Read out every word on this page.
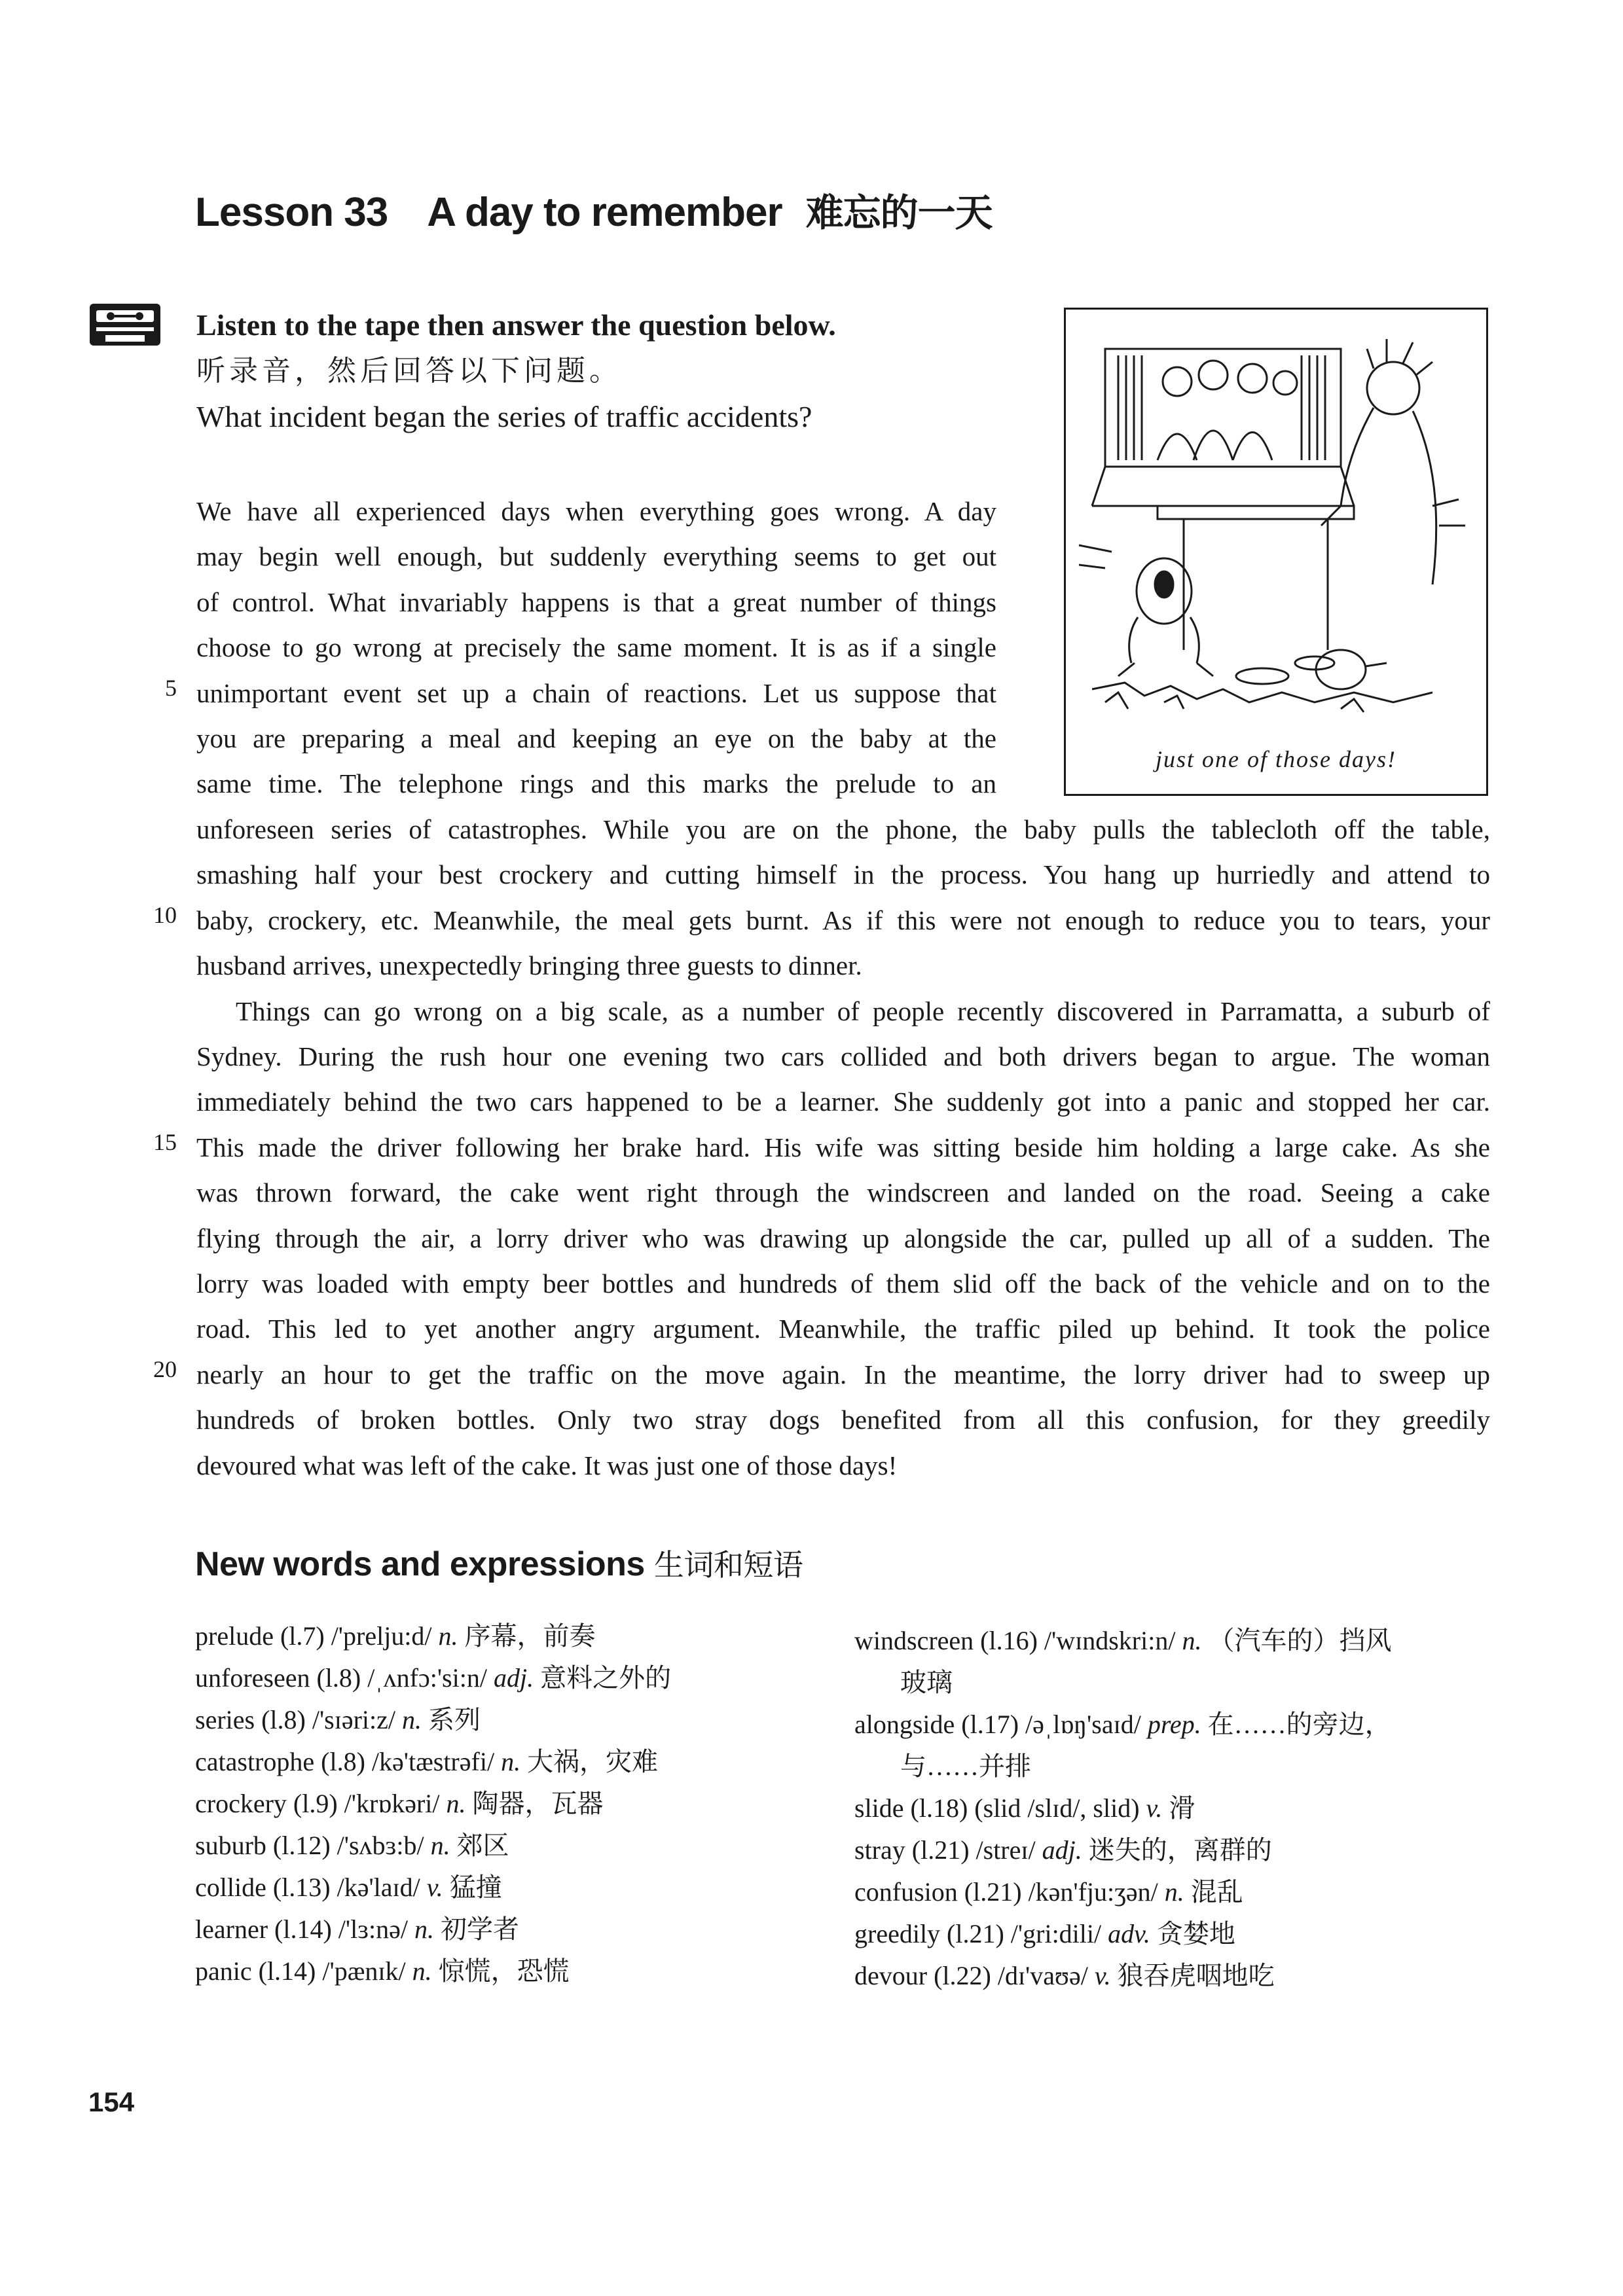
Lesson 33 A day to remember 难忘的一天
Listen to the tape then answer the question below.
听录音，然后回答以下问题。
What incident began the series of traffic accidents?
just one of those days!
We have all experienced days when everything goes wrong. A day
may begin well enough, but suddenly everything seems to get out
of control. What invariably happens is that a great number of things
choose to go wrong at precisely the same moment. It is as if a single
unimportant event set up a chain of reactions. Let us suppose that
you are preparing a meal and keeping an eye on the baby at the
same time. The telephone rings and this marks the prelude to an
unforeseen series of catastrophes. While you are on the phone, the baby pulls the tablecloth off the table,
smashing half your best crockery and cutting himself in the process. You hang up hurriedly and attend to
baby, crockery, etc. Meanwhile, the meal gets burnt. As if this were not enough to reduce you to tears, your
husband arrives, unexpectedly bringing three guests to dinner.
Things can go wrong on a big scale, as a number of people recently discovered in Parramatta, a suburb of
Sydney. During the rush hour one evening two cars collided and both drivers began to argue. The woman
immediately behind the two cars happened to be a learner. She suddenly got into a panic and stopped her car.
This made the driver following her brake hard. His wife was sitting beside him holding a large cake. As she
was thrown forward, the cake went right through the windscreen and landed on the road. Seeing a cake
flying through the air, a lorry driver who was drawing up alongside the car, pulled up all of a sudden. The
lorry was loaded with empty beer bottles and hundreds of them slid off the back of the vehicle and on to the
road. This led to yet another angry argument. Meanwhile, the traffic piled up behind. It took the police
nearly an hour to get the traffic on the move again. In the meantime, the lorry driver had to sweep up
hundreds of broken bottles. Only two stray dogs benefited from all this confusion, for they greedily
devoured what was left of the cake. It was just one of those days!
5
10
15
20
New words and expressions 生词和短语
prelude (l.7) /'prelju:d/ n. 序幕，前奏
unforeseen (l.8) /ˌʌnfɔ:'si:n/ adj. 意料之外的
series (l.8) /'sɪəri:z/ n. 系列
catastrophe (l.8) /kə'tæstrəfi/ n. 大祸，灾难
crockery (l.9) /'krɒkəri/ n. 陶器，瓦器
suburb (l.12) /'sʌbɜ:b/ n. 郊区
collide (l.13) /kə'laɪd/ v. 猛撞
learner (l.14) /'lɜ:nə/ n. 初学者
panic (l.14) /'pænɪk/ n. 惊慌，恐慌
windscreen (l.16) /'wɪndskri:n/ n. （汽车的）挡风
玻璃
alongside (l.17) /əˌlɒŋ'saɪd/ prep. 在……的旁边，
与……并排
slide (l.18) (slid /slɪd/, slid) v. 滑
stray (l.21) /streɪ/ adj. 迷失的，离群的
confusion (l.21) /kən'fju:ʒən/ n. 混乱
greedily (l.21) /'gri:dili/ adv. 贪婪地
devour (l.22) /dɪ'vaʊə/ v. 狼吞虎咽地吃
154
